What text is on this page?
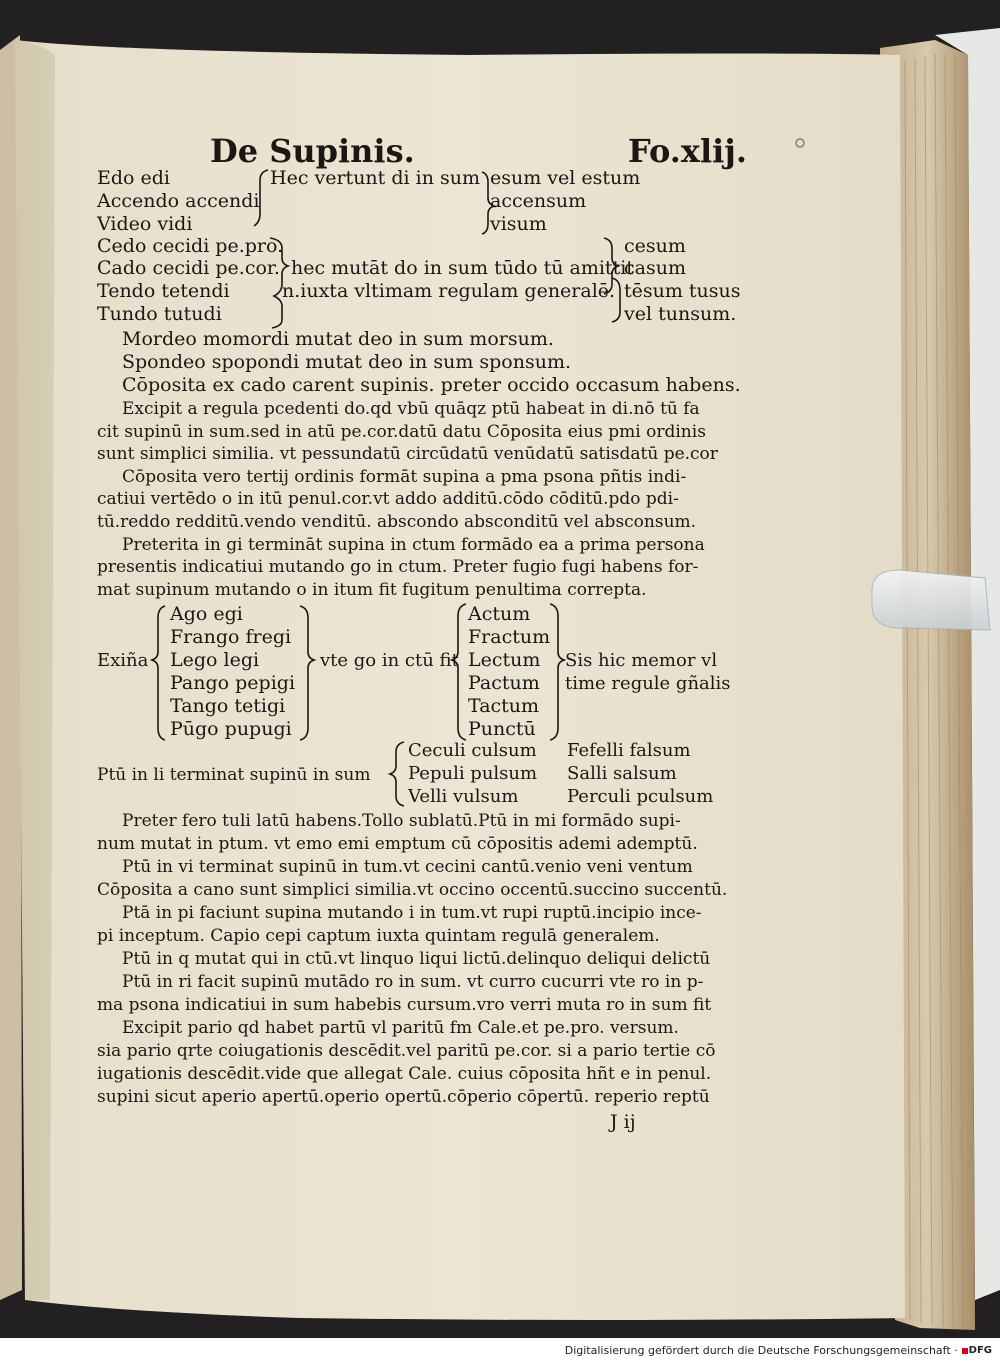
De Supinis.	Fo.xlij.
Edo edi
Accendo accendi
Video vidi
Hec vertunt di in sum esum vel estum
accensum
visum
Cedo cecidi pe.pro.
Cado cecidi pe.cor.
Tendo tetendi
Tundo tutudi
hec mutāt do in sum tūdo tū amittit
n.iuxta vltimam regulam generalē.
cesum
casum
tēsum tusus
vel tunsum.
Mordeo momordi mutat deo in sum morsum.
Spondeo spopondi mutat deo in sum sponsum.
Cōposita ex cado carent supinis. preter occido occasum habens.
Excipit a regula pcedenti do.qd vbū quāqz ptū habeat in di.nō tū fa
cit supinū in sum.sed in atū pe.cor.datū datu Cōposita eius pmi ordinis
sunt simplici similia. vt pessundatū circūdatū venūdatū satisdatū pe.cor
Cōposita vero tertij ordinis formāt supina a pma psona pñtis indi-
catiui vertēdo o in itū penul.cor.vt addo additū.cōdo cōditū.pdo pdi-
tū.reddo redditū.vendo venditū. abscondo absconditū vel absconsum.
Preterita in gi termināt supina in ctum formādo ea a prima persona
presentis indicatiui mutando go in ctum. Preter fugio fugi habens for-
mat supinum mutando o in itum fit fugitum penultima correpta.
Exiña
Ago egi
Frango fregi
Lego legi
Pango pepigi
Tango tetigi
Pūgo pupugi
vte go in ctū fit
Actum
Fractum
Lectum
Pactum
Tactum
Punctū
Sis hic memor vl
time regule gñalis
Ptū in li terminat supinū in sum
Ceculi culsum
Pepuli pulsum
Velli vulsum
Fefelli falsum
Salli salsum
Perculi pculsum
Preter fero tuli latū habens.Tollo sublatū.Ptū in mi formādo supi-
num mutat in ptum. vt emo emi emptum cū cōpositis ademi ademptū.
Ptū in vi terminat supinū in tum.vt cecini cantū.venio veni ventum
Cōposita a cano sunt simplici similia.vt occino occentū.succino succentū.
Ptā in pi faciunt supina mutando i in tum.vt rupi ruptū.incipio ince-
pi inceptum. Capio cepi captum iuxta quintam regulā generalem.
Ptū in q mutat qui in ctū.vt linquo liqui lictū.delinquo deliqui delictū
Ptū in ri facit supinū mutādo ro in sum. vt curro cucurri vte ro in p-
ma psona indicatiui in sum habebis cursum.vro verri muta ro in sum fit
Excipit pario qd habet partū vl paritū fm Cale.et pe.pro. versum.
sia pario qrte coiugationis descēdit.vel paritū pe.cor. si a pario tertie cō
iugationis descēdit.vide que allegat Cale. cuius cōposita hñt e in penul.
supini sicut aperio apertū.operio opertū.cōperio cōpertū. reperio reptū
J ij
Digitalisierung gefördert durch die Deutsche Forschungsgemeinschaft · DFG
